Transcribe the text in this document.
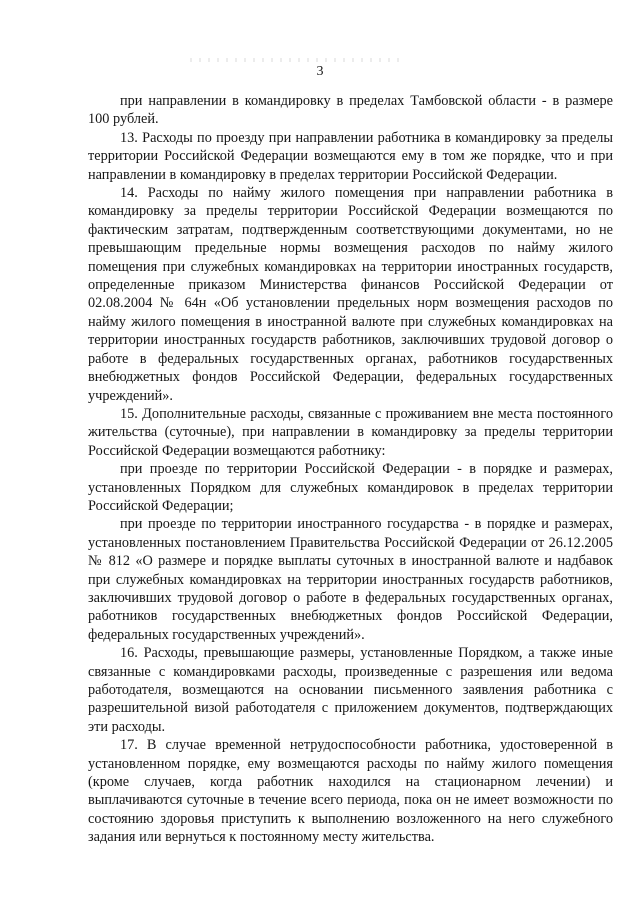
3

при направлении в командировку в пределах Тамбовской области - в размере 100 рублей.

13. Расходы по проезду при направлении работника в командировку за пределы территории Российской Федерации возмещаются ему в том же порядке, что и при направлении в командировку в пределах территории Российской Федерации.

14. Расходы по найму жилого помещения при направлении работника в командировку за пределы территории Российской Федерации возмещаются по фактическим затратам, подтвержденным соответствующими документами, но не превышающим предельные нормы возмещения расходов по найму жилого помещения при служебных командировках на территории иностранных государств, определенные приказом Министерства финансов Российской Федерации от 02.08.2004 № 64н «Об установлении предельных норм возмещения расходов по найму жилого помещения в иностранной валюте при служебных командировках на территории иностранных государств работников, заключивших трудовой договор о работе в федеральных государственных органах, работников государственных внебюджетных фондов Российской Федерации, федеральных государственных учреждений».

15. Дополнительные расходы, связанные с проживанием вне места постоянного жительства (суточные), при направлении в командировку за пределы территории Российской Федерации возмещаются работнику:

при проезде по территории Российской Федерации - в порядке и размерах, установленных Порядком для служебных командировок в пределах территории Российской Федерации;

при проезде по территории иностранного государства - в порядке и размерах, установленных постановлением Правительства Российской Федерации от 26.12.2005 № 812 «О размере и порядке выплаты суточных в иностранной валюте и надбавок при служебных командировках на территории иностранных государств работников, заключивших трудовой договор о работе в федеральных государственных органах, работников государственных внебюджетных фондов Российской Федерации, федеральных государственных учреждений».

16. Расходы, превышающие размеры, установленные Порядком, а также иные связанные с командировками расходы, произведенные с разрешения или ведома работодателя, возмещаются на основании письменного заявления работника с разрешительной визой работодателя с приложением документов, подтверждающих эти расходы.

17. В случае временной нетрудоспособности работника, удостоверенной в установленном порядке, ему возмещаются расходы по найму жилого помещения (кроме случаев, когда работник находился на стационарном лечении) и выплачиваются суточные в течение всего периода, пока он не имеет возможности по состоянию здоровья приступить к выполнению возложенного на него служебного задания или вернуться к постоянному месту жительства.
